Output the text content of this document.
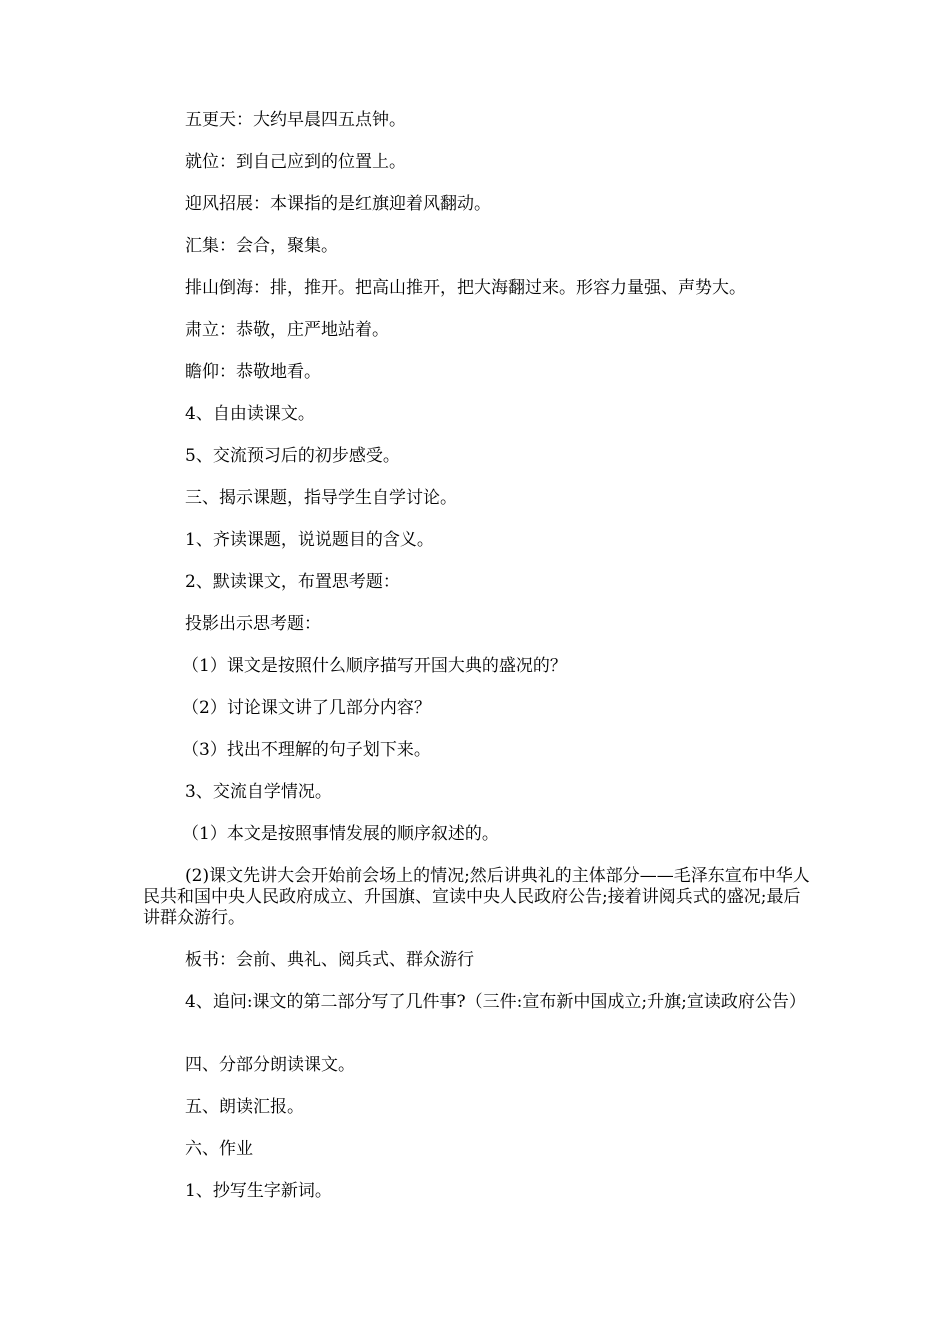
五更天：大约早晨四五点钟。

就位：到自己应到的位置上。

迎风招展：本课指的是红旗迎着风翻动。

汇集：会合，聚集。

排山倒海：排，推开。把高山推开，把大海翻过来。形容力量强、声势大。

肃立：恭敬，庄严地站着。

瞻仰：恭敬地看。

4、自由读课文。

5、交流预习后的初步感受。

三、揭示课题，指导学生自学讨论。

1、齐读课题，说说题目的含义。

2、默读课文，布置思考题：

投影出示思考题：

（1）课文是按照什么顺序描写开国大典的盛况的？

（2）讨论课文讲了几部分内容？

（3）找出不理解的句子划下来。

3、交流自学情况。

（1）本文是按照事情发展的顺序叙述的。

(2)课文先讲大会开始前会场上的情况;然后讲典礼的主体部分——毛泽东宣布中华人民共和国中央人民政府成立、升国旗、宣读中央人民政府公告;接着讲阅兵式的盛况;最后讲群众游行。

板书：会前、典礼、阅兵式、群众游行

4、追问:课文的第二部分写了几件事?（三件:宣布新中国成立;升旗;宣读政府公告）

四、分部分朗读课文。

五、朗读汇报。

六、作业

1、抄写生字新词。
